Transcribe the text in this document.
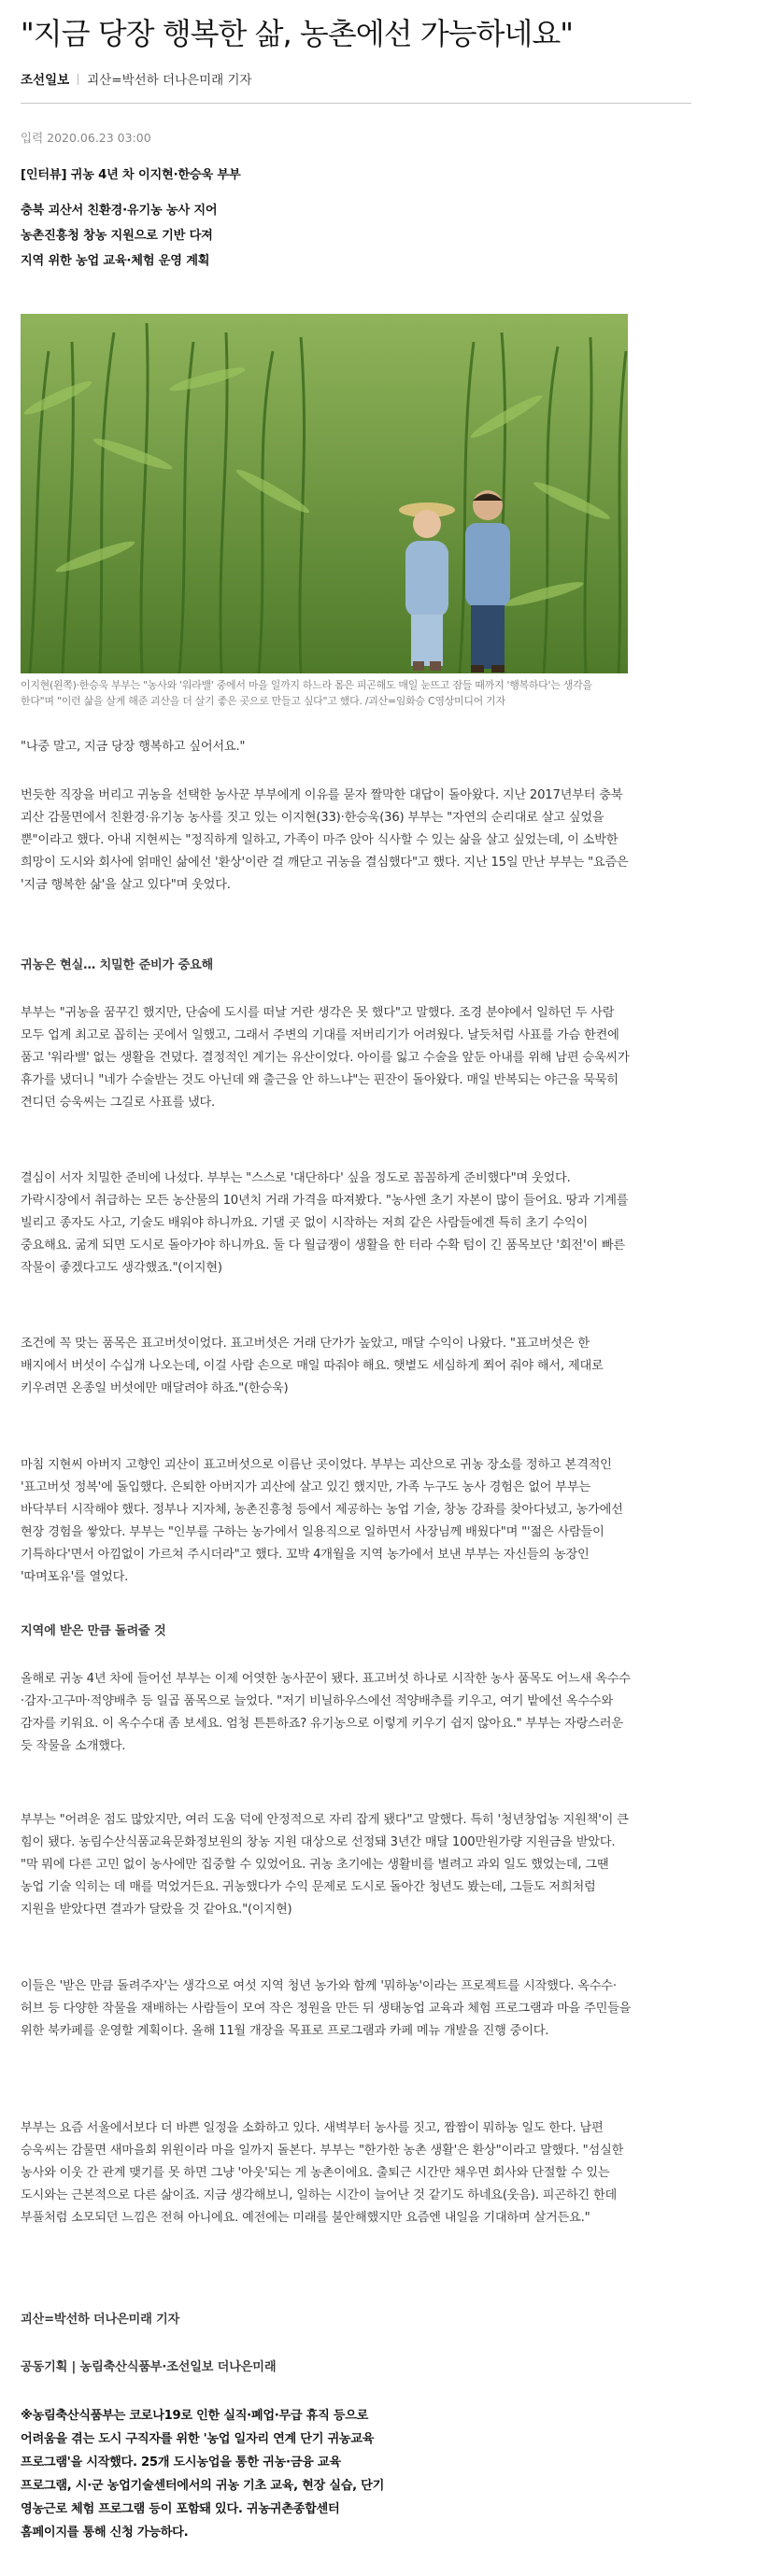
"지금 당장 행복한 삶, 농촌에선 가능하네요"
조선일보 괴산=박선하 더나은미래 기자
입력 2020.06.23 03:00

[인터뷰] 귀농 4년 차 이지현·한승욱 부부

충북 괴산서 친환경·유기농 농사 지어
농촌진흥청 창농 지원으로 기반 다져
지역 위한 농업 교육·체험 운영 계획
이지현(왼쪽)·한승욱 부부는 "농사와 '워라밸' 중에서 마을 일까지 하느라 몸은 피곤해도 매일 눈뜨고 잠들 때까지 '행복하다'는 생각을 한다"며 "이런 삶을 살게 해준 괴산을 더 살기 좋은 곳으로 만들고 싶다"고 했다. /괴산=임화승 C영상미디어 기자
"나중 말고, 지금 당장 행복하고 싶어서요."
번듯한 직장을 버리고 귀농을 선택한 농사꾼 부부에게 이유를 묻자 짤막한 대답이 돌아왔다. 지난 2017년부터 충북 괴산 감물면에서 친환경·유기농 농사를 짓고 있는 이지현(33)·한승욱(36) 부부는 "자연의 순리대로 살고 싶었을 뿐"이라고 했다. 아내 지현씨는 "정직하게 일하고, 가족이 마주 앉아 식사할 수 있는 삶을 살고 싶었는데, 이 소박한 희망이 도시와 회사에 얽매인 삶에선 '환상'이란 걸 깨닫고 귀농을 결심했다"고 했다. 지난 15일 만난 부부는 "요즘은 '지금 행복한 삶'을 살고 있다"며 웃었다.
귀농은 현실… 치밀한 준비가 중요해
부부는 "귀농을 꿈꾸긴 했지만, 단숨에 도시를 떠날 거란 생각은 못 했다"고 말했다. 조경 분야에서 일하던 두 사람 모두 업계 최고로 꼽히는 곳에서 일했고, 그래서 주변의 기대를 저버리기가 어려웠다. 날듯처럼 사표를 가슴 한켠에 품고 '워라밸' 없는 생활을 견뎠다. 결정적인 계기는 유산이었다. 아이를 잃고 수술을 앞둔 아내를 위해 남편 승욱씨가 휴가를 냈더니 "네가 수술받는 것도 아닌데 왜 출근을 안 하느냐"는 핀잔이 돌아왔다. 매일 반복되는 야근을 묵묵히 견디던 승욱씨는 그길로 사표를 냈다.
결심이 서자 치밀한 준비에 나섰다. 부부는 "스스로 '대단하다' 싶을 정도로 꼼꼼하게 준비했다"며 웃었다. 가락시장에서 취급하는 모든 농산물의 10년치 거래 가격을 따져봤다. "농사엔 초기 자본이 많이 들어요. 땅과 기계를 빌리고 종자도 사고, 기술도 배워야 하니까요. 기댈 곳 없이 시작하는 저희 같은 사람들에겐 특히 초기 수익이 중요해요. 굶게 되면 도시로 돌아가야 하니까요. 둘 다 월급쟁이 생활을 한 터라 수확 텀이 긴 품목보단 '회전'이 빠른 작물이 좋겠다고도 생각했죠."(이지현)
조건에 꼭 맞는 품목은 표고버섯이었다. 표고버섯은 거래 단가가 높았고, 매달 수익이 나왔다. "표고버섯은 한 배지에서 버섯이 수십개 나오는데, 이걸 사람 손으로 매일 따줘야 해요. 햇볕도 세심하게 쬐어 줘야 해서, 제대로 키우려면 온종일 버섯에만 매달려야 하죠."(한승욱)
마침 지현씨 아버지 고향인 괴산이 표고버섯으로 이름난 곳이었다. 부부는 괴산으로 귀농 장소를 정하고 본격적인 '표고버섯 정복'에 돌입했다. 은퇴한 아버지가 괴산에 살고 있긴 했지만, 가족 누구도 농사 경험은 없어 부부는 바닥부터 시작해야 했다. 정부나 지자체, 농촌진흥청 등에서 제공하는 농업 기술, 창농 강좌를 찾아다녔고, 농가에선 현장 경험을 쌓았다. 부부는 "인부를 구하는 농가에서 일용직으로 일하면서 사장님께 배웠다"며 "'젊은 사람들이 기특하다'면서 아낌없이 가르쳐 주시더라"고 했다. 꼬박 4개월을 지역 농가에서 보낸 부부는 자신들의 농장인 '따며포유'를 열었다.
지역에 받은 만큼 돌려줄 것
올해로 귀농 4년 차에 들어선 부부는 이제 어엿한 농사꾼이 됐다. 표고버섯 하나로 시작한 농사 품목도 어느새 옥수수·감자·고구마·적양배추 등 일곱 품목으로 늘었다. "저기 비닐하우스에선 적양배추를 키우고, 여기 밭에선 옥수수와 감자를 키워요. 이 옥수수대 좀 보세요. 엄청 튼튼하죠? 유기농으로 이렇게 키우기 쉽지 않아요." 부부는 자랑스러운 듯 작물을 소개했다.
부부는 "어려운 점도 많았지만, 여러 도움 덕에 안정적으로 자리 잡게 됐다"고 말했다. 특히 '청년창업농 지원책'이 큰 힘이 됐다. 농림수산식품교육문화정보원의 창농 지원 대상으로 선정돼 3년간 매달 100만원가량 지원금을 받았다. "막 뭐에 다른 고민 없이 농사에만 집중할 수 있었어요. 귀농 초기에는 생활비를 벌려고 과외 일도 했었는데, 그땐 농업 기술 익히는 데 매를 먹었거든요. 귀농했다가 수익 문제로 도시로 돌아간 청년도 봤는데, 그들도 저희처럼 지원을 받았다면 결과가 달랐을 것 같아요."(이지현)
이들은 '받은 만큼 돌려주자'는 생각으로 여섯 지역 청년 농가와 함께 '뭐하농'이라는 프로젝트를 시작했다. 옥수수·허브 등 다양한 작물을 재배하는 사람들이 모여 작은 정원을 만든 뒤 생태농업 교육과 체험 프로그램과 마을 주민들을 위한 북카페를 운영할 계획이다. 올해 11월 개장을 목표로 프로그램과 카페 메뉴 개발을 진행 중이다.
부부는 요즘 서울에서보다 더 바쁜 일정을 소화하고 있다. 새벽부터 농사를 짓고, 짬짬이 뭐하농 일도 한다. 남편 승욱씨는 감물면 새마을회 위원이라 마을 일까지 돌본다. 부부는 "한가한 농촌 생활'은 환상"이라고 말했다. "섬실한 농사와 이웃 간 관계 맺기를 못 하면 그냥 '아웃'되는 게 농촌이에요. 출퇴근 시간만 채우면 회사와 단절할 수 있는 도시와는 근본적으로 다른 삶이죠. 지금 생각해보니, 일하는 시간이 늘어난 것 같기도 하네요(웃음). 피곤하긴 한데 부풀처럼 소모되던 느낌은 전혀 아니에요. 예전에는 미래를 불안해했지만 요즘엔 내일을 기대하며 살거든요."
괴산=박선하 더나은미래 기자
공동기획 | 농림축산식품부·조선일보 더나은미래
※농림축산식품부는 코로나19로 인한 실직·폐업·무급 휴직 등으로 어려움을 겪는 도시 구직자를 위한 '농업 일자리 연계 단기 귀농교육 프로그램'을 시작했다. 25개 도시농업을 통한 귀농·금융 교육 프로그램, 시·군 농업기술센터에서의 귀농 기초 교육, 현장 실습, 단기 영농근로 체험 프로그램 등이 포함돼 있다. 귀농귀촌종합센터 홈페이지를 통해 신청 가능하다.
